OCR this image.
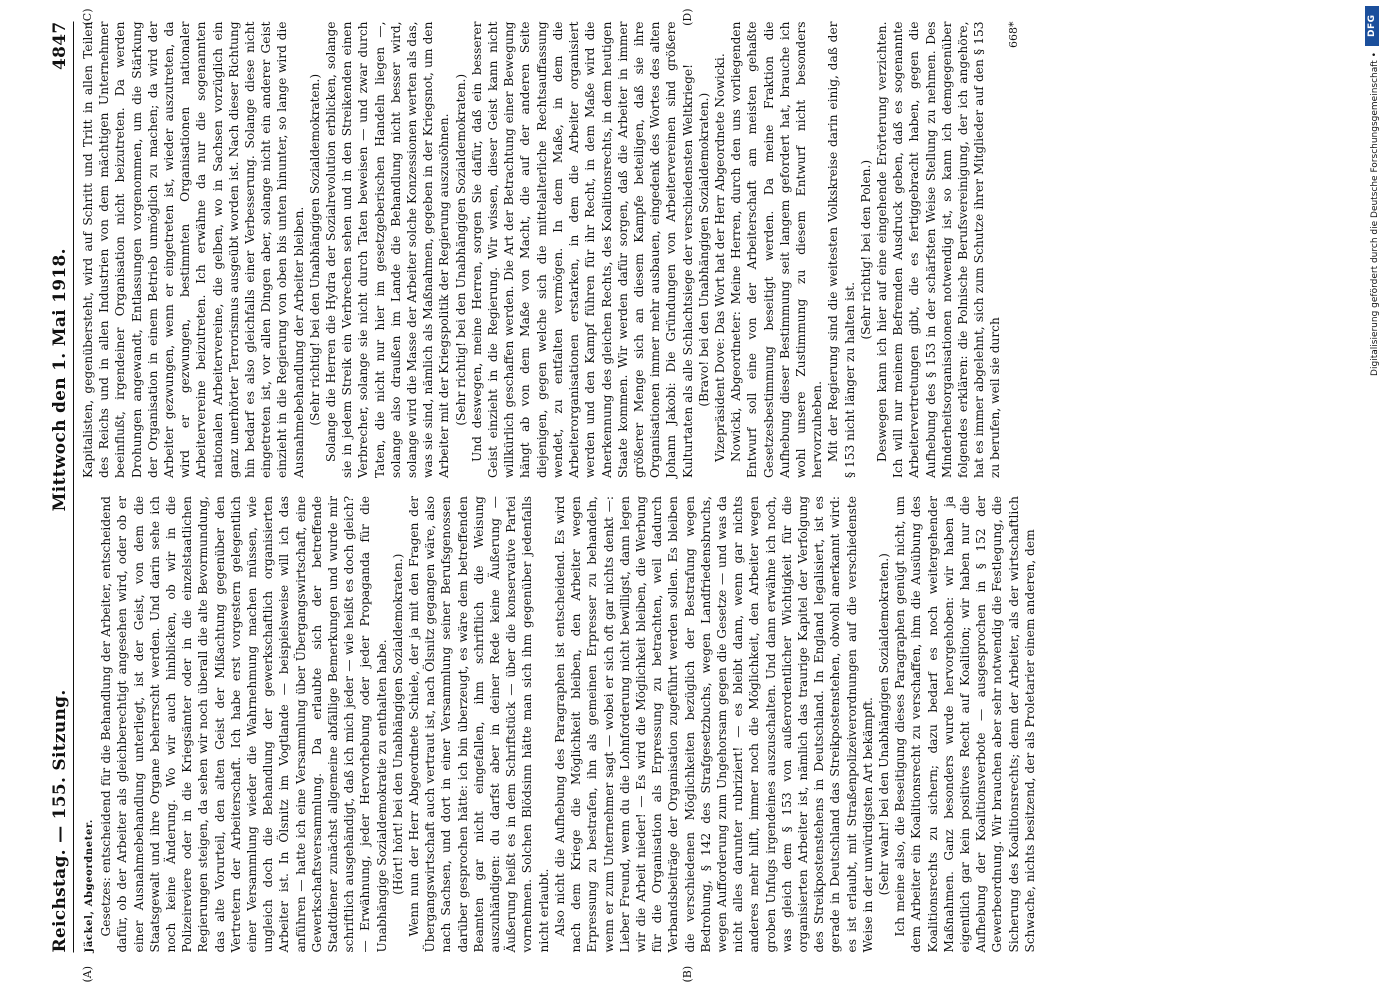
Reichstag. — 155. Sitzung.
Mittwoch den 1. Mai 1918.
4847
(A)	(B)

Jäckel, Abgeordneter. Gesetzes: entscheidend für die Behandlung der Arbeiter, entscheidend dafür, ob der Arbeiter als gleichberechtigt angesehen wird, oder ob er einer Ausnahmebehandlung unterliegt, ist der Geist, von dem die Staatsgewalt und ihre Organe beherrscht werden. Und darin sehe ich noch keine Änderung. Wo wir auch hinblicken, ob wir in die Polizeireviere oder in die Kriegsämter oder in die einzelstaatlichen Regierungen steigen, da sehen wir noch überall die alte Bevormundung, das alte Vorurteil, den alten Geist der Mißachtung gegenüber den Vertretern der Arbeiterschaft. Ich habe erst vorgestern gelegentlich einer Versammlung wieder die Wahrnehmung machen müssen, wie ungleich doch die Behandlung der gewerkschaftlich organisierten Arbeiter ist. In Ölsnitz im Vogtlande — beispielsweise will ich das anführen — hatte ich eine Versammlung über Übergangswirtschaft, eine Gewerkschaftsversammlung. Da erlaubte sich der betreffende Stadtdiener zunächst allgemeine abfällige Bemerkungen und wurde mir schriftlich ausgehändigt, daß ich mich jeder — wie heißt es doch gleich? — Erwähnung, jeder Hervorhebung oder jeder Propaganda für die Unabhängige Sozialdemokratie zu enthalten habe. (Hört! hört! bei den Unabhängigen Sozialdemokraten.) Wenn nun der Herr Abgeordnete Schiele, der ja mit den Fragen der Übergangswirtschaft auch vertraut ist, nach Ölsnitz gegangen wäre, also nach Sachsen, und dort in einer Versammlung seiner Berufsgenossen darüber gesprochen hätte: ich bin überzeugt, es wäre dem betreffenden Beamten gar nicht eingefallen, ihm schriftlich die Weisung auszuhändigen: du darfst aber in deiner Rede keine Äußerung — Äußerung heißt es in dem Schriftstück — über die konservative Partei vornehmen. Solchen Blödsinn hätte man sich ihm gegenüber jedenfalls nicht erlaubt. Also nicht die Aufhebung des Paragraphen ist entscheidend. Es wird nach dem Kriege die Möglichkeit bleiben, den Arbeiter wegen Erpressung zu bestrafen, ihn als gemeinen Erpresser zu behandeln, wenn er zum Unternehmer sagt — wobei er sich oft gar nichts denkt —: Lieber Freund, wenn du die Lohnforderung nicht bewilligst, dann legen wir die Arbeit nieder! — Es wird die Möglichkeit bleiben, die Werbung für die Organisation als Erpressung zu betrachten, weil dadurch Verbandsbeiträge der Organisation zugeführt werden sollen. Es bleiben die verschiedenen Möglichkeiten bezüglich der Bestrafung wegen Bedrohung, § 142 des Strafgesetzbuchs, wegen Landfriedensbruchs, wegen Aufforderung zum Ungehorsam gegen die Gesetze — und was da nicht alles darunter rubriziert! — es bleibt dann, wenn gar nichts anderes mehr hilft, immer noch die Möglichkeit, den Arbeiter wegen groben Unfugs irgendeines auszuschalten. Und dann erwähne ich noch, was gleich dem § 153 von außerordentlicher Wichtigkeit für die organisierten Arbeiter ist, nämlich das traurige Kapitel der Verfolgung des Streikpostenstehens in Deutschland. In England legalisiert, ist es gerade in Deutschland das Streikpostenstehen, obwohl anerkannt wird: es ist erlaubt, mit Straßenpolizeiverordnungen auf die verschiedenste Weise in der unwürdigsten Art bekämpft. (Sehr wahr! bei den Unabhängigen Sozialdemokraten.) Ich meine also, die Beseitigung dieses Paragraphen genügt nicht, um dem Arbeiter ein Koalitionsrecht zu verschaffen, ihm die Ausübung des Koalitionsrechts zu sichern; dazu bedarf es noch weitergehender Maßnahmen. Ganz besonders wurde hervorgehoben: wir haben ja eigentlich gar kein positives Recht auf Koalition; wir haben nur die Aufhebung der Koalitionsverbote — ausgesprochen in § 152 der Gewerbeordnung. Wir brauchen aber sehr notwendig die Festlegung, die Sicherung des Koalitionsrechts; denn der Arbeiter, als der wirtschaftlich Schwache, nichts besitzend, der als Proletarier einem anderen, dem

(C)	(D)

Kapitalisten, gegenübersteht, wird auf Schritt und Tritt in allen Teilen des Reichs und in allen Industrien von dem mächtigen Unternehmer beeinflußt, irgendeiner Organisation nicht beizutreten. Da werden Drohungen angewandt, Entlassungen vorgenommen, um die Stärkung der Organisation in einem Betrieb unmöglich zu machen; da wird der Arbeiter gezwungen, wenn er eingetreten ist, wieder auszutreten, da wird er gezwungen, bestimmten Organisationen nationaler Arbeitervereine beizutreten. Ich erwähne da nur die sogenannten nationalen Arbeitervereine, die gelben, wo in Sachsen vorzüglich ein ganz unerhörter Terrorismus ausgeübt worden ist. Nach dieser Richtung hin bedarf es also gleichfalls einer Verbesserung. Solange diese nicht eingetreten ist, vor allen Dingen aber, solange nicht ein anderer Geist einzieht in die Regierung von oben bis unten hinunter, so lange wird die Ausnahmebehandlung der Arbeiter bleiben. (Sehr richtig! bei den Unabhängigen Sozialdemokraten.) Solange die Herren die Hydra der Sozialrevolution erblicken, solange sie in jedem Streik ein Verbrechen sehen und in den Streikenden einen Verbrecher, solange sie nicht durch Taten beweisen — und zwar durch Taten, die nicht nur hier im gesetzgeberischen Handeln liegen —, solange also draußen im Lande die Behandlung nicht besser wird, solange wird die Masse der Arbeiter solche Konzessionen werten als das, was sie sind, nämlich als Maßnahmen, gegeben in der Kriegsnot, um den Arbeiter mit der Kriegspolitik der Regierung auszusöhnen. (Sehr richtig! bei den Unabhängigen Sozialdemokraten.) Und deswegen, meine Herren, sorgen Sie dafür, daß ein besserer Geist einzieht in die Regierung. Wir wissen, dieser Geist kann nicht willkürlich geschaffen werden. Die Art der Betrachtung einer Bewegung hängt ab von dem Maße von Macht, die auf der anderen Seite diejenigen, gegen welche sich die mittelalterliche Rechtsauffassung wendet, zu entfalten vermögen. In dem Maße, in dem die Arbeiterorganisationen erstarken, in dem die Arbeiter organisiert werden und den Kampf führen für ihr Recht, in dem Maße wird die Anerkennung des gleichen Rechts, des Koalitionsrechts, in dem heutigen Staate kommen. Wir werden dafür sorgen, daß die Arbeiter in immer größerer Menge sich an diesem Kampfe beteiligen, daß sie ihre Organisationen immer mehr ausbauen, eingedenk des Wortes des alten Johann Jakobi: Die Gründungen von Arbeitervereinen sind größere Kulturtaten als alle Schlachtsiege der verschiedensten Weltkriege! (Bravo! bei den Unabhängigen Sozialdemokraten.) Vizepräsident Dove: Das Wort hat der Herr Abgeordnete Nowicki. Nowicki, Abgeordneter: Meine Herren, durch den uns vorliegenden Entwurf soll eine von der Arbeiterschaft am meisten gehaßte Gesetzesbestimmung beseitigt werden. Da meine Fraktion die Aufhebung dieser Bestimmung seit langem gefordert hat, brauche ich wohl unsere Zustimmung zu diesem Entwurf nicht besonders hervorzuheben. Mit der Regierung sind die weitesten Volkskreise darin einig, daß der § 153 nicht länger zu halten ist.

(Sehr richtig! bei den Polen.) Deswegen kann ich hier auf eine eingehende Erörterung verzichten. Ich will nur meinem Befremden Ausdruck geben, daß es sogenannte Arbeitervertretungen gibt, die es fertiggebracht haben, gegen die Aufhebung des § 153 in der schärfsten Weise Stellung zu nehmen. Des Minderheitsorganisationen notwendig ist, so kann ich demgegenüber folgendes erklären: die Polnische Berufsvereinigung, der ich angehöre, hat es immer abgelehnt, sich zum Schutze ihrer Mitglieder auf den § 153 zu berufen, weil sie durch

668*	DFG
Digitalisierung gefördert durch die Deutsche Forschungsgemeinschaft •
